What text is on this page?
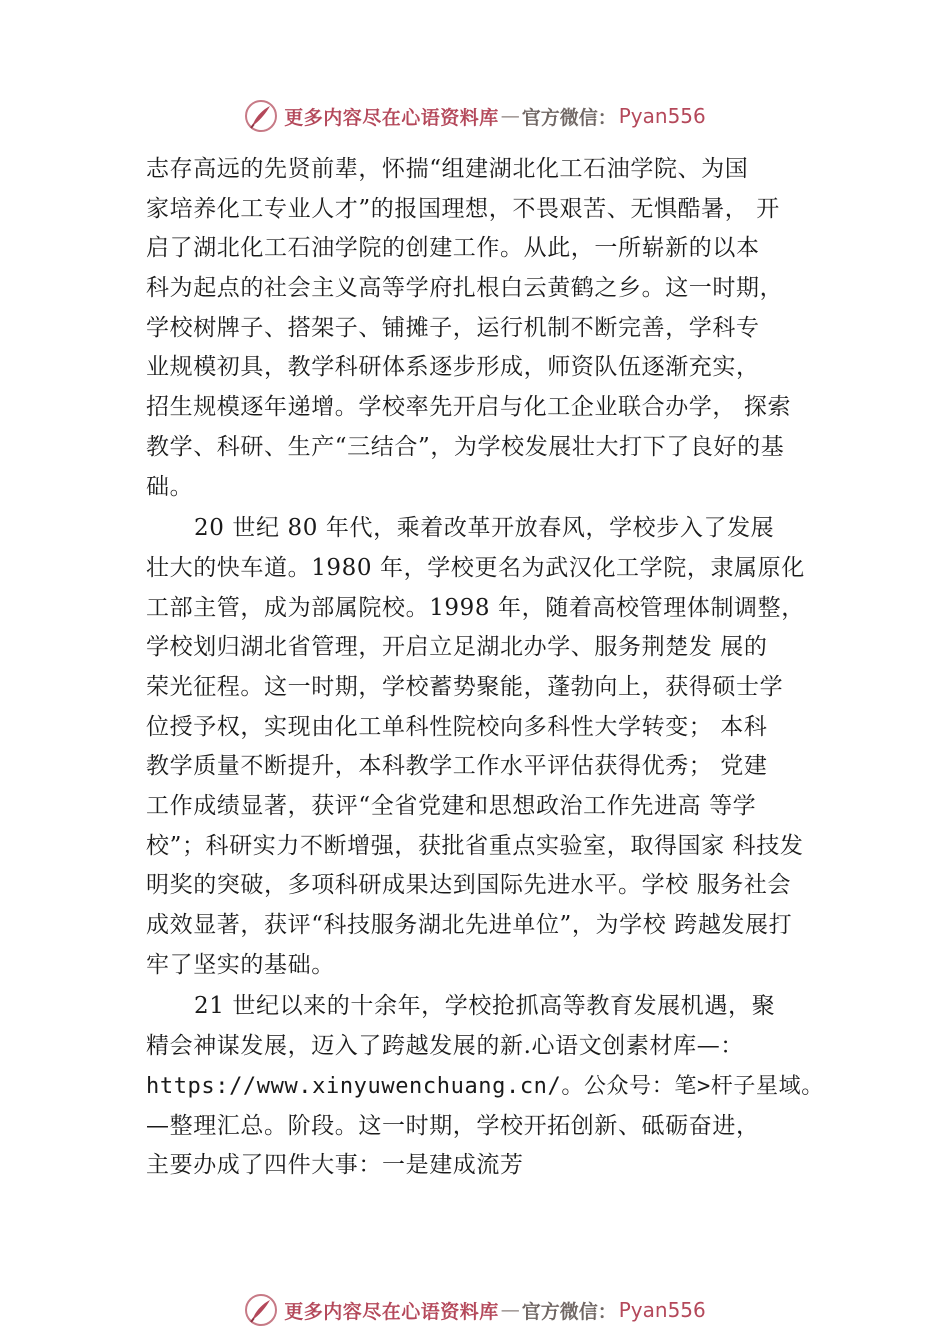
更多内容尽在心语资料库 — 官方微信： Pyan556
志存高远的先贤前辈，怀揣“组建湖北化工石油学院、为国
家培养化工专业人才”的报国理想，不畏艰苦、无惧酷暑， 开
启了湖北化工石油学院的创建工作。从此，一所崭新的以本
科为起点的社会主义高等学府扎根白云黄鹤之乡。这一时期，
学校树牌子、搭架子、铺摊子，运行机制不断完善，学科专
业规模初具，教学科研体系逐步形成，师资队伍逐渐充实，
招生规模逐年递增。学校率先开启与化工企业联合办学， 探索
教学、科研、生产“三结合”，为学校发展壮大打下了良好的基
础。
20 世纪 80 年代，乘着改革开放春风，学校步入了发展
壮大的快车道。1980 年，学校更名为武汉化工学院，隶属原化
工部主管，成为部属院校。1998 年，随着高校管理体制调整，
学校划归湖北省管理，开启立足湖北办学、服务荆楚发 展的
荣光征程。这一时期，学校蓄势聚能，蓬勃向上，获得硕士学
位授予权，实现由化工单科性院校向多科性大学转变； 本科
教学质量不断提升，本科教学工作水平评估获得优秀； 党建
工作成绩显著，获评“全省党建和思想政治工作先进高 等学
校”；科研实力不断增强，获批省重点实验室，取得国家 科技发
明奖的突破，多项科研成果达到国际先进水平。学校 服务社会
成效显著，获评“科技服务湖北先进单位”，为学校 跨越发展打
牢了坚实的基础。
21 世纪以来的十余年，学校抢抓高等教育发展机遇，聚
精会神谋发展，迈入了跨越发展的新.心语文创素材库—：
https://www.xinyuwenchuang.cn/。公众号：笔>杆子星域。
—整理汇总。阶段。这一时期，学校开拓创新、砥砺奋进，
主要办成了四件大事：一是建成流芳
更多内容尽在心语资料库 — 官方微信： Pyan556
